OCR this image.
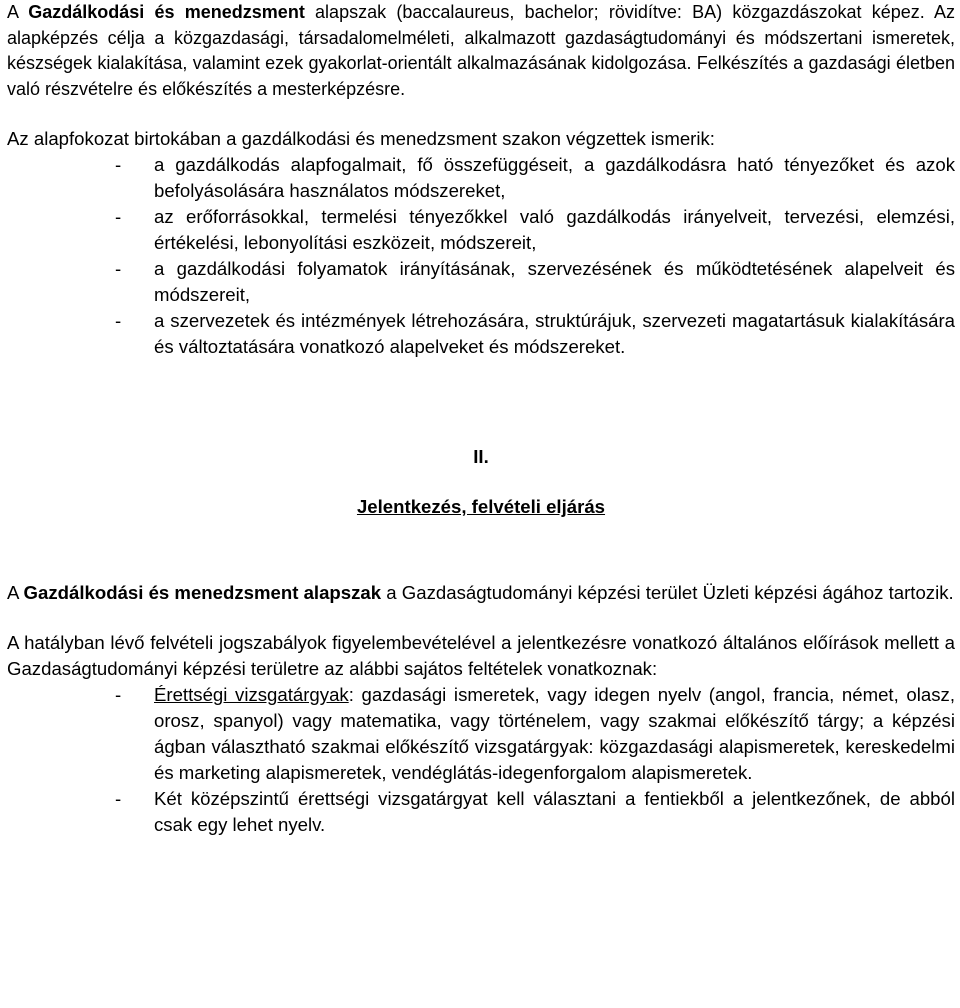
A Gazdálkodási és menedzsment alapszak (baccalaureus, bachelor; rövidítve: BA) közgazdászokat képez. Az alapképzés célja a közgazdasági, társadalomelméleti, alkalmazott gazdaságtudományi és módszertani ismeretek, készségek kialakítása, valamint ezek gyakorlat-orientált alkalmazásának kidolgozása. Felkészítés a gazdasági életben való részvételre és előkészítés a mesterképzésre.

Az alapfokozat birtokában a gazdálkodási és menedzsment szakon végzettek ismerik:

- a gazdálkodás alapfogalmait, fő összefüggéseit, a gazdálkodásra ható tényezőket és azok befolyásolására használatos módszereket,
- az erőforrásokkal, termelési tényezőkkel való gazdálkodás irányelveit, tervezési, elemzési, értékelési, lebonyolítási eszközeit, módszereit,
- a gazdálkodási folyamatok irányításának, szervezésének és működtetésének alapelveit és módszereit,
- a szervezetek és intézmények létrehozására, struktúrájuk, szervezeti magatartásuk kialakítására és változtatására vonatkozó alapelveket és módszereket.

II.

Jelentkezés, felvételi eljárás

A Gazdálkodási és menedzsment alapszak a Gazdaságtudományi képzési terület Üzleti képzési ágához tartozik.

A hatályban lévő felvételi jogszabályok figyelembevételével a jelentkezésre vonatkozó általános előírások mellett a Gazdaságtudományi képzési területre az alábbi sajátos feltételek vonatkoznak:

- Érettségi vizsgatárgyak: gazdasági ismeretek, vagy idegen nyelv (angol, francia, német, olasz, orosz, spanyol) vagy matematika, vagy történelem, vagy szakmai előkészítő tárgy; a képzési ágban választható szakmai előkészítő vizsgatárgyak: közgazdasági alapismeretek, kereskedelmi és marketing alapismeretek, vendéglátás-idegenforgalom alapismeretek.
- Két középszintű érettségi vizsgatárgyat kell választani a fentiekből a jelentkezőnek, de abból csak egy lehet nyelv.
